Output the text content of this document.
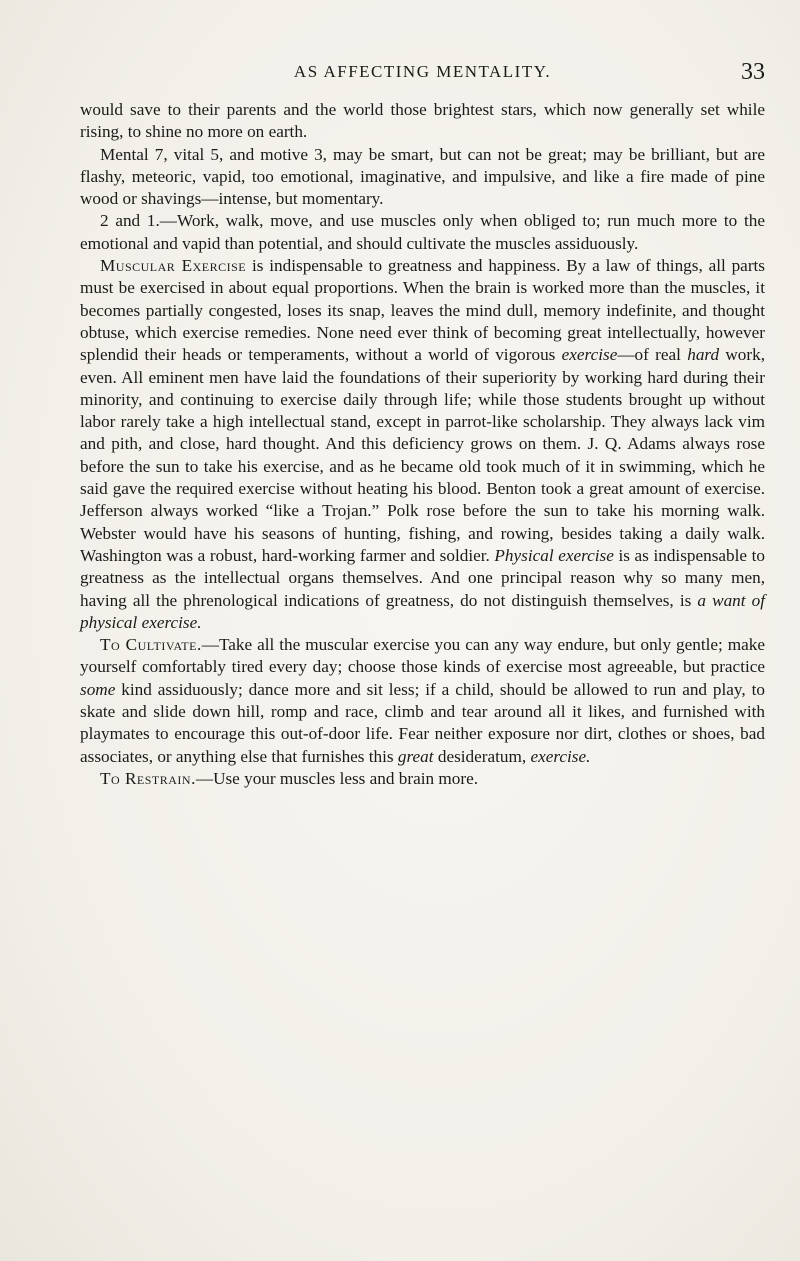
AS AFFECTING MENTALITY.	33

would save to their parents and the world those brightest stars, which now generally set while rising, to shine no more on earth.

Mental 7, vital 5, and motive 3, may be smart, but can not be great; may be brilliant, but are flashy, meteoric, vapid, too emotional, imaginative, and impulsive, and like a fire made of pine wood or shavings—intense, but momentary.

2 and 1.—Work, walk, move, and use muscles only when obliged to; run much more to the emotional and vapid than potential, and should cultivate the muscles assiduously.

Muscular Exercise is indispensable to greatness and happiness. By a law of things, all parts must be exercised in about equal proportions. When the brain is worked more than the muscles, it becomes partially congested, loses its snap, leaves the mind dull, memory indefinite, and thought obtuse, which exercise remedies. None need ever think of becoming great intellectually, however splendid their heads or temperaments, without a world of vigorous exercise—of real hard work, even. All eminent men have laid the foundations of their superiority by working hard during their minority, and continuing to exercise daily through life; while those students brought up without labor rarely take a high intellectual stand, except in parrot-like scholarship. They always lack vim and pith, and close, hard thought. And this deficiency grows on them. J. Q. Adams always rose before the sun to take his exercise, and as he became old took much of it in swimming, which he said gave the required exercise without heating his blood. Benton took a great amount of exercise. Jefferson always worked “like a Trojan.” Polk rose before the sun to take his morning walk. Webster would have his seasons of hunting, fishing, and rowing, besides taking a daily walk. Washington was a robust, hard-working farmer and soldier. Physical exercise is as indispensable to greatness as the intellectual organs themselves. And one principal reason why so many men, having all the phrenological indications of greatness, do not distinguish themselves, is a want of physical exercise.

To Cultivate.—Take all the muscular exercise you can any way endure, but only gentle; make yourself comfortably tired every day; choose those kinds of exercise most agreeable, but practice some kind assiduously; dance more and sit less; if a child, should be allowed to run and play, to skate and slide down hill, romp and race, climb and tear around all it likes, and furnished with playmates to encourage this out-of-door life. Fear neither exposure nor dirt, clothes or shoes, bad associates, or anything else that furnishes this great desideratum, exercise.

To Restrain.—Use your muscles less and brain more.
